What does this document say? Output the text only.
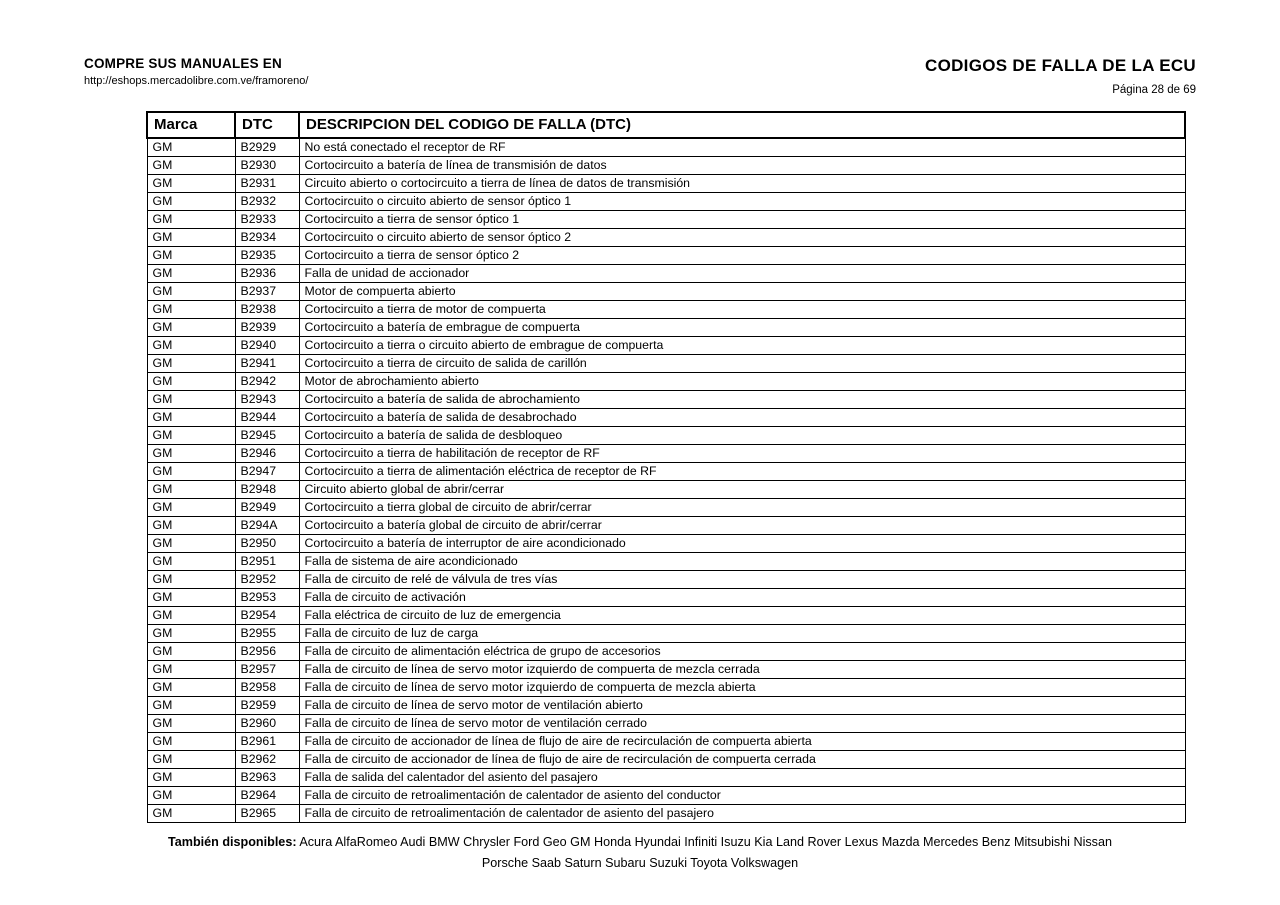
COMPRE SUS MANUALES EN
http://eshops.mercadolibre.com.ve/framoreno/
CODIGOS DE FALLA DE LA ECU
Página 28 de 69
Marca	DTC	DESCRIPCION DEL CODIGO DE FALLA (DTC)
GM	B2929	No está conectado el receptor de RF
GM	B2930	Cortocircuito a batería de línea de transmisión de datos
GM	B2931	Circuito abierto o cortocircuito a tierra de línea de datos de transmisión
GM	B2932	Cortocircuito o circuito abierto de sensor óptico 1
GM	B2933	Cortocircuito a tierra de sensor óptico 1
GM	B2934	Cortocircuito o circuito abierto de sensor óptico 2
GM	B2935	Cortocircuito a tierra de sensor óptico 2
GM	B2936	Falla de unidad de accionador
GM	B2937	Motor de compuerta abierto
GM	B2938	Cortocircuito a tierra de motor de compuerta
GM	B2939	Cortocircuito a batería de embrague de compuerta
GM	B2940	Cortocircuito a tierra o circuito abierto de embrague de compuerta
GM	B2941	Cortocircuito a tierra de circuito de salida de carillón
GM	B2942	Motor de abrochamiento abierto
GM	B2943	Cortocircuito a batería de salida de abrochamiento
GM	B2944	Cortocircuito a batería de salida de desabrochado
GM	B2945	Cortocircuito a batería de salida de desbloqueo
GM	B2946	Cortocircuito a tierra de habilitación de receptor de RF
GM	B2947	Cortocircuito a tierra de alimentación eléctrica de receptor de RF
GM	B2948	Circuito abierto global de abrir/cerrar
GM	B2949	Cortocircuito a tierra global de circuito de abrir/cerrar
GM	B294A	Cortocircuito a batería global de circuito de abrir/cerrar
GM	B2950	Cortocircuito a batería de interruptor de aire acondicionado
GM	B2951	Falla de sistema de aire acondicionado
GM	B2952	Falla de circuito de relé de válvula de tres vías
GM	B2953	Falla de circuito de activación
GM	B2954	Falla eléctrica de circuito de luz de emergencia
GM	B2955	Falla de circuito de luz de carga
GM	B2956	Falla de circuito de alimentación eléctrica de grupo de accesorios
GM	B2957	Falla de circuito de línea de servo motor izquierdo de compuerta de mezcla cerrada
GM	B2958	Falla de circuito de línea de servo motor izquierdo de compuerta de mezcla abierta
GM	B2959	Falla de circuito de línea de servo motor de ventilación abierto
GM	B2960	Falla de circuito de línea de servo motor de ventilación cerrado
GM	B2961	Falla de circuito de accionador de línea de flujo de aire de recirculación de compuerta abierta
GM	B2962	Falla de circuito de accionador de línea de flujo de aire de recirculación de compuerta cerrada
GM	B2963	Falla de salida del calentador del asiento del pasajero
GM	B2964	Falla de circuito de retroalimentación de calentador de asiento del conductor
GM	B2965	Falla de circuito de retroalimentación de calentador de asiento del pasajero
También disponibles: Acura AlfaRomeo Audi BMW Chrysler Ford Geo GM Honda Hyundai Infiniti Isuzu Kia Land Rover Lexus Mazda Mercedes Benz Mitsubishi Nissan
Porsche Saab Saturn Subaru Suzuki Toyota Volkswagen
